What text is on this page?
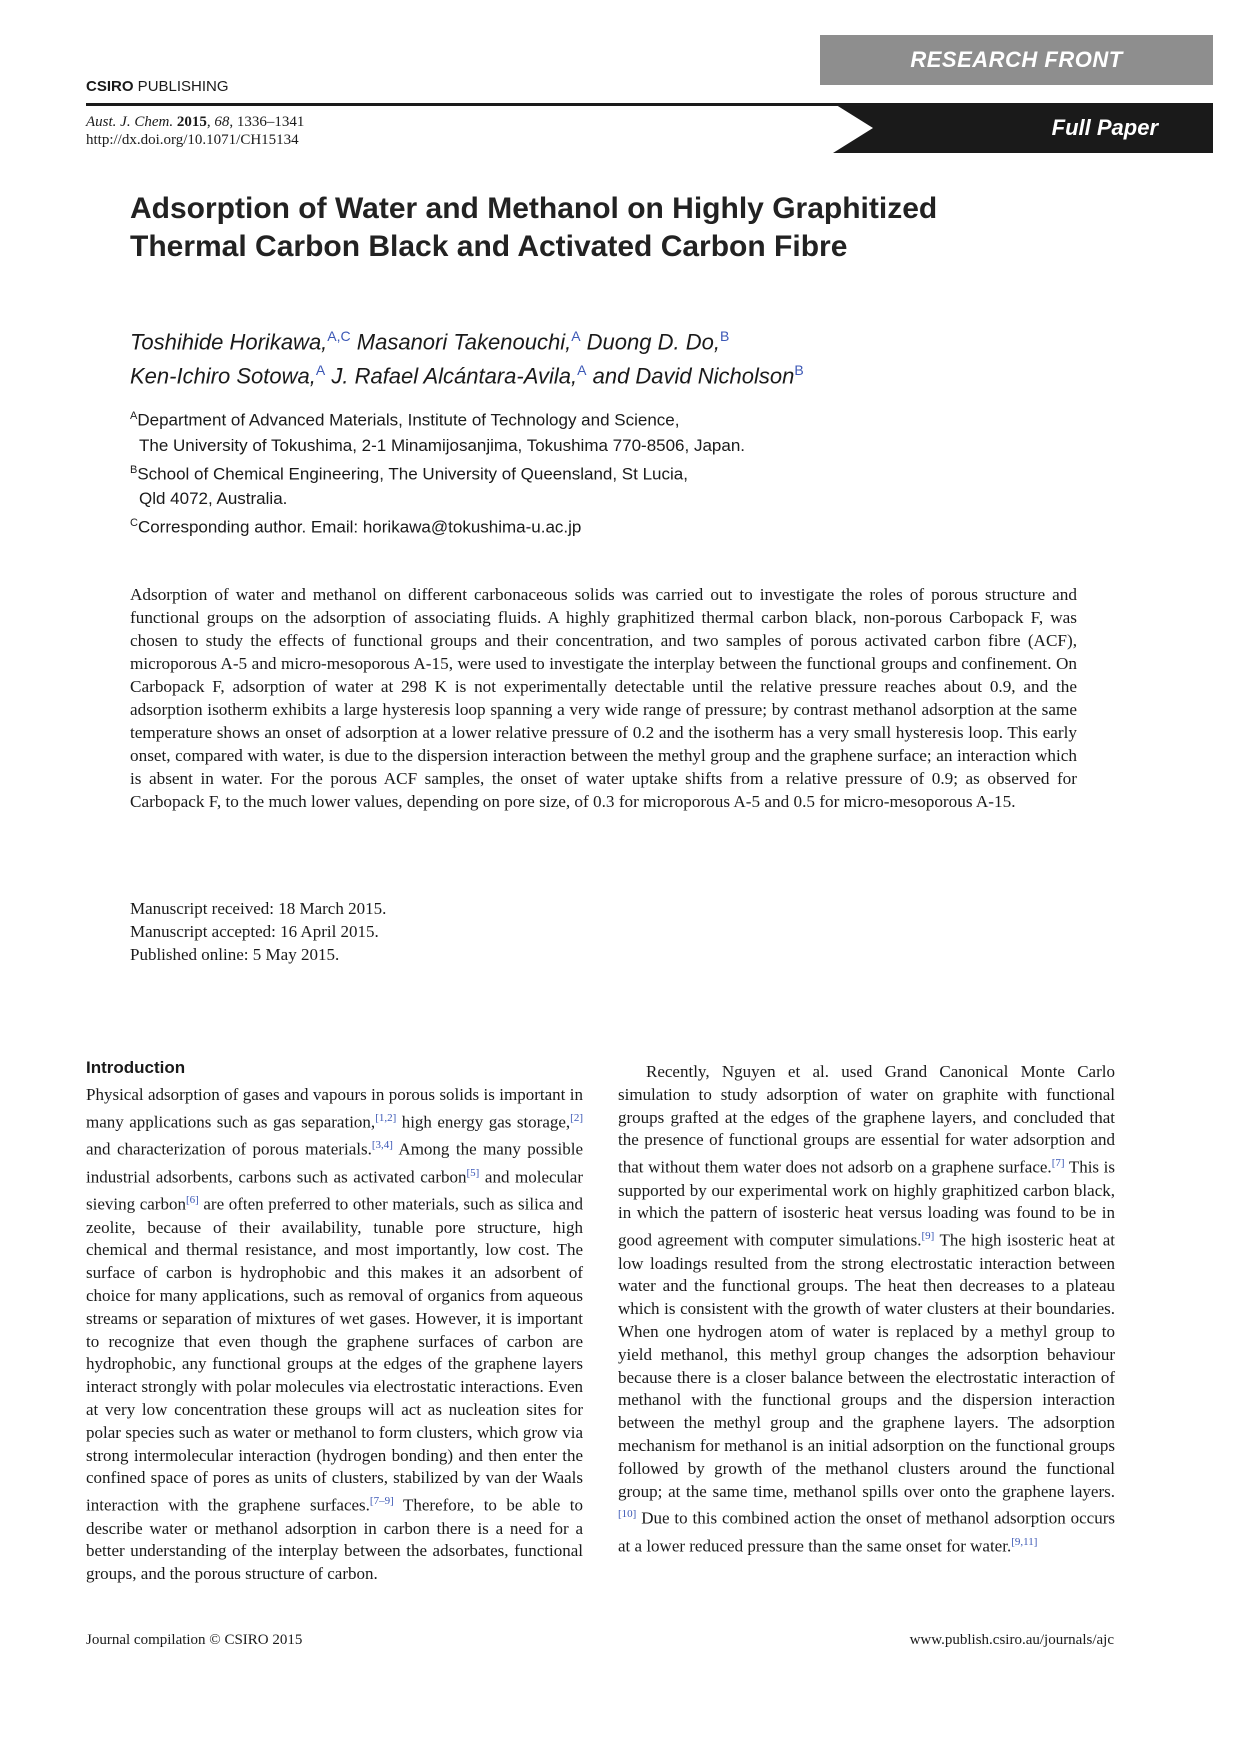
RESEARCH FRONT
CSIRO PUBLISHING
Aust. J. Chem. 2015, 68, 1336–1341
http://dx.doi.org/10.1071/CH15134	Full Paper
Adsorption of Water and Methanol on Highly Graphitized
Thermal Carbon Black and Activated Carbon Fibre
Toshihide Horikawa,$^{A,C}$ Masanori Takenouchi,$^A$ Duong D. Do,$^B$
Ken-Ichiro Sotowa,$^A$ J. Rafael Alcántara-Avila,$^A$ and David Nicholson$^B$
$^A$Department of Advanced Materials, Institute of Technology and Science,
The University of Tokushima, 2-1 Minamijosanjima, Tokushima 770-8506, Japan.
$^B$School of Chemical Engineering, The University of Queensland, St Lucia,
Qld 4072, Australia.
$^C$Corresponding author. Email: horikawa@tokushima-u.ac.jp
Adsorption of water and methanol on different carbonaceous solids was carried out to investigate the roles of porous structure and functional groups on the adsorption of associating fluids. A highly graphitized thermal carbon black, non-porous Carbopack F, was chosen to study the effects of functional groups and their concentration, and two samples of porous activated carbon fibre (ACF), microporous A-5 and micro-mesoporous A-15, were used to investigate the interplay between the functional groups and confinement. On Carbopack F, adsorption of water at 298 K is not experimentally detectable until the relative pressure reaches about 0.9, and the adsorption isotherm exhibits a large hysteresis loop spanning a very wide range of pressure; by contrast methanol adsorption at the same temperature shows an onset of adsorption at a lower relative pressure of 0.2 and the isotherm has a very small hysteresis loop. This early onset, compared with water, is due to the dispersion interaction between the methyl group and the graphene surface; an interaction which is absent in water. For the porous ACF samples, the onset of water uptake shifts from a relative pressure of 0.9; as observed for Carbopack F, to the much lower values, depending on pore size, of 0.3 for microporous A-5 and 0.5 for micro-mesoporous A-15.
Manuscript received: 18 March 2015.
Manuscript accepted: 16 April 2015.
Published online: 5 May 2015.
Introduction

Physical adsorption of gases and vapours in porous solids is important in many applications such as gas separation,[1,2] high energy gas storage,[2] and characterization of porous materials.[3,4] Among the many possible industrial adsorbents, carbons such as activated carbon[5] and molecular sieving carbon[6] are often preferred to other materials, such as silica and zeolite, because of their availability, tunable pore structure, high chemical and thermal resistance, and most importantly, low cost. The surface of carbon is hydrophobic and this makes it an adsorbent of choice for many applications, such as removal of organics from aqueous streams or separation of mixtures of wet gases. However, it is important to recognize that even though the graphene surfaces of carbon are hydrophobic, any functional groups at the edges of the graphene layers interact strongly with polar molecules via electrostatic interactions. Even at very low concentration these groups will act as nucleation sites for polar species such as water or methanol to form clusters, which grow via strong intermolecular interaction (hydrogen bonding) and then enter the confined space of pores as units of clusters, stabilized by van der Waals interaction with the graphene surfaces.[7–9] Therefore, to be able to describe water or methanol adsorption in carbon there is a need for a better understanding of the interplay between the adsorbates, functional groups, and the porous structure of carbon.

Recently, Nguyen et al. used Grand Canonical Monte Carlo simulation to study adsorption of water on graphite with functional groups grafted at the edges of the graphene layers, and concluded that the presence of functional groups are essential for water adsorption and that without them water does not adsorb on a graphene surface.[7] This is supported by our experimental work on highly graphitized carbon black, in which the pattern of isosteric heat versus loading was found to be in good agreement with computer simulations.[9] The high isosteric heat at low loadings resulted from the strong electrostatic interaction between water and the functional groups. The heat then decreases to a plateau which is consistent with the growth of water clusters at their boundaries. When one hydrogen atom of water is replaced by a methyl group to yield methanol, this methyl group changes the adsorption behaviour because there is a closer balance between the electrostatic interaction of methanol with the functional groups and the dispersion interaction between the methyl group and the graphene layers. The adsorption mechanism for methanol is an initial adsorption on the functional groups followed by growth of the methanol clusters around the functional group; at the same time, methanol spills over onto the graphene layers.[10] Due to this combined action the onset of methanol adsorption occurs at a lower reduced pressure than the same onset for water.[9,11]

Journal compilation © CSIRO 2015	www.publish.csiro.au/journals/ajc
